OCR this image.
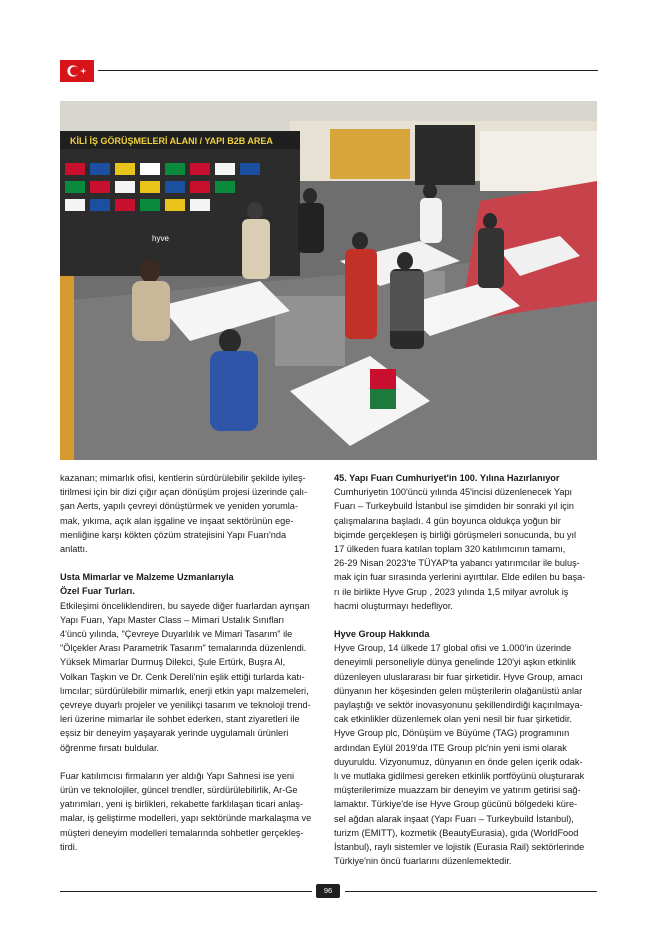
KİLİ İŞ GÖRÜŞMELERİ ALANI / YAPI B2B AREA
hyve

kazanan; mimarlık ofisi, kentlerin sürdürülebilir şekilde iyileş-
tirilmesi için bir dizi çığır açan dönüşüm projesi üzerinde çalı-
şan Aerts, yapılı çevreyi dönüştürmek ve yeniden yorumla-
mak, yıkıma, açık alan işgaline ve inşaat sektörünün ege-
menliğine karşı kökten çözüm stratejisini Yapı Fuarı'nda
anlattı.

Usta Mimarlar ve Malzeme Uzmanlarıyla
Özel Fuar Turları.

Etkileşimi önceliklendiren, bu sayede diğer fuarlardan ayrışan
Yapı Fuarı, Yapı Master Class – Mimari Ustalık Sınıfları
4'üncü yılında, "Çevreye Duyarlılık ve Mimari Tasarım" ile
"Ölçekler Arası Parametrik Tasarım" temalarında düzenlendi.
Yüksek Mimarlar Durmuş Dilekci, Şule Ertürk, Buşra Al,
Volkan Taşkın ve Dr. Cenk Dereli'nin eşlik ettiği turlarda katı-
lımcılar; sürdürülebilir mimarlık, enerji etkin yapı malzemeleri,
çevreye duyarlı projeler ve yenilikçi tasarım ve teknoloji trend-
leri üzerine mimarlar ile sohbet ederken, stant ziyaretleri ile
eşsiz bir deneyim yaşayarak yerinde uygulamalı ürünleri
öğrenme fırsatı buldular.

Fuar katılımcısı firmaların yer aldığı Yapı Sahnesi ise yeni
ürün ve teknolojiler, güncel trendler, sürdürülebilirlik, Ar-Ge
yatırımları, yeni iş birlikleri, rekabette farklılaşan ticari anlaş-
malar, iş geliştirme modelleri, yapı sektöründe markalaşma ve
müşteri deneyim modelleri temalarında sohbetler gerçekleş-
tirdi.

45. Yapı Fuarı Cumhuriyet'in 100. Yılına Hazırlanıyor

Cumhuriyetin 100'üncü yılında 45'incisi düzenlenecek Yapı
Fuarı – Turkeybuild İstanbul ise şimdiden bir sonraki yıl için
çalışmalarına başladı. 4 gün boyunca oldukça yoğun bir
biçimde gerçekleşen iş birliği görüşmeleri sonucunda, bu yıl
17 ülkeden fuara katılan toplam 320 katılımcının tamamı,
26-29 Nisan 2023'te TÜYAP'ta yabancı yatırımcılar ile buluş-
mak için fuar sırasında yerlerini ayırttılar. Elde edilen bu başa-
rı ile birlikte Hyve Grup , 2023 yılında 1,5 milyar avroluk iş
hacmi oluşturmayı hedefliyor.

Hyve Group Hakkında

Hyve Group, 14 ülkede 17 global ofisi ve 1.000'in üzerinde
deneyimli personeliyle dünya genelinde 120'yi aşkın etkinlik
düzenleyen uluslararası bir fuar şirketidir. Hyve Group, amacı
dünyanın her köşesinden gelen müşterilerin olağanüstü anlar
paylaştığı ve sektör inovasyonunu şekillendirdiği kaçırılmaya-
cak etkinlikler düzenlemek olan yeni nesil bir fuar şirketidir.
Hyve Group plc, Dönüşüm ve Büyüme (TAG) programının
ardından Eylül 2019'da ITE Group plc'nin yeni ismi olarak
duyuruldu. Vizyonumuz, dünyanın en önde gelen içerik odak-
lı ve mutlaka gidilmesi gereken etkinlik portföyünü oluşturarak
müşterilerimize muazzam bir deneyim ve yatırım getirisi sağ-
lamaktır. Türkiye'de ise Hyve Group gücünü bölgedeki küre-
sel ağdan alarak inşaat (Yapı Fuarı – Turkeybuild İstanbul),
turizm (EMITT), kozmetik (BeautyEurasia), gıda (WorldFood
İstanbul), raylı sistemler ve lojistik (Eurasia Rail) sektörlerinde
Türkiye'nin öncü fuarlarını düzenlemektedir.

96
